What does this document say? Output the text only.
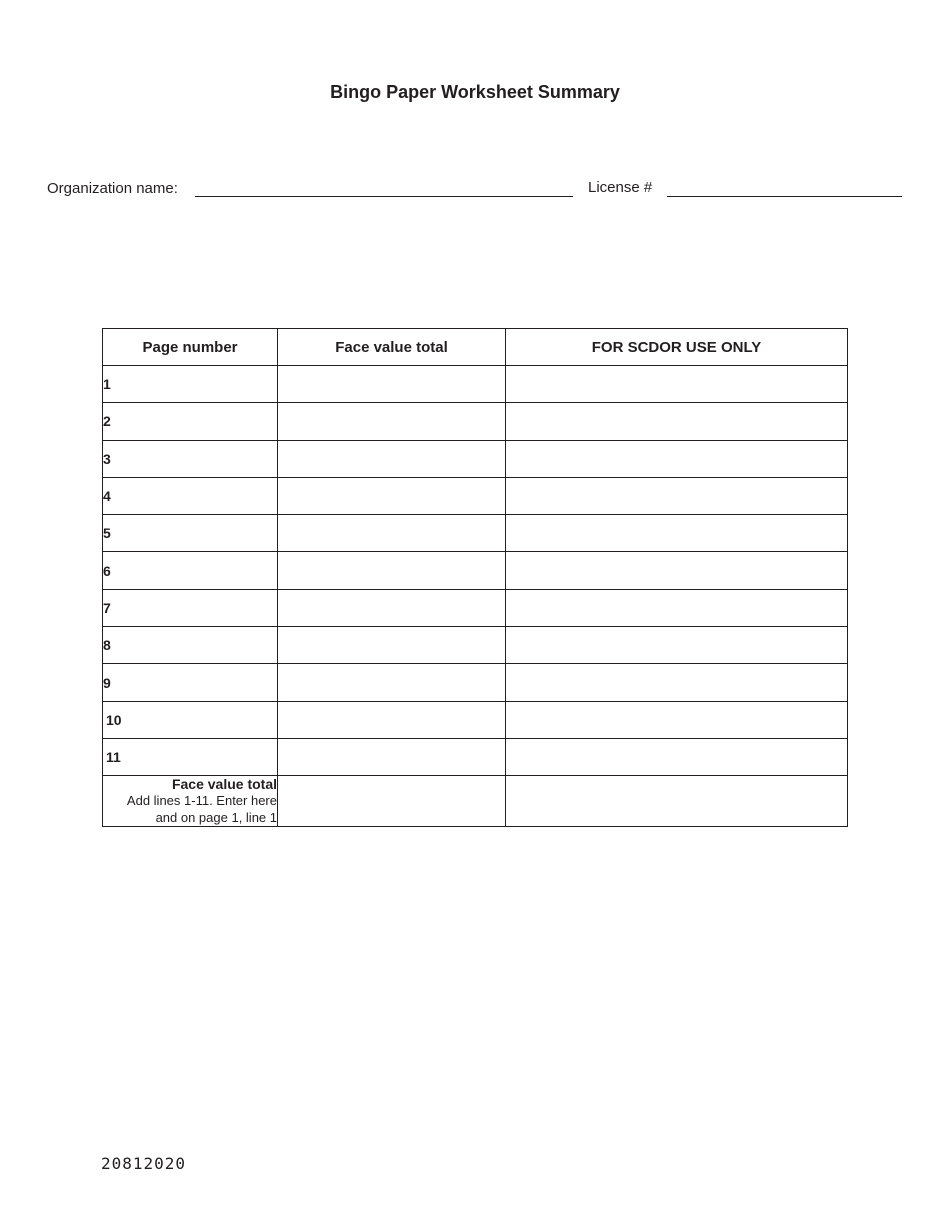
Bingo Paper Worksheet Summary
Organization name:	License #
Page number	Face value total	FOR SCDOR USE ONLY
1		
2		
3		
4		
5		
6		
7		
8		
9		
10		
11		

Face value total
Add lines 1-11. Enter here
and on page 1, line 1		

20812020
